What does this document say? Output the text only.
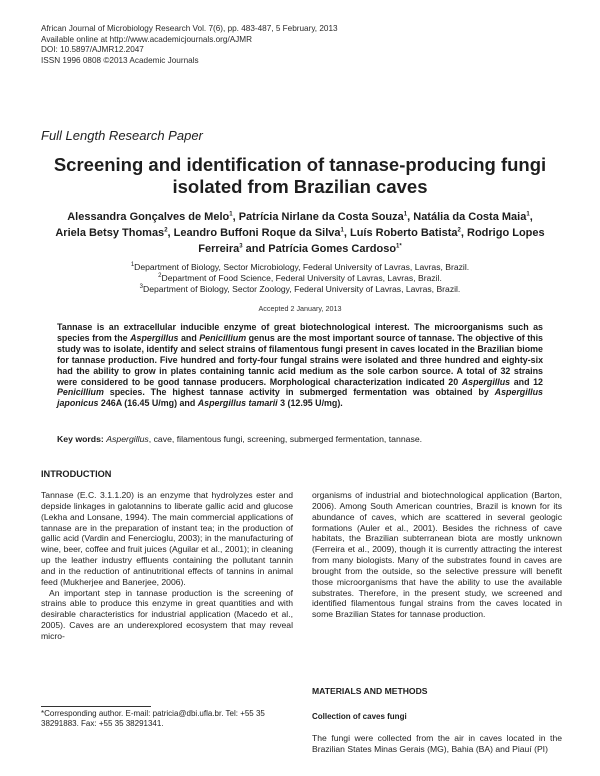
African Journal of Microbiology Research Vol. 7(6), pp. 483-487, 5 February, 2013
Available online at http://www.academicjournals.org/AJMR
DOI: 10.5897/AJMR12.2047
ISSN 1996 0808 ©2013 Academic Journals
Full Length Research Paper
Screening and identification of tannase-producing fungi
isolated from Brazilian caves
Alessandra Gonçalves de Melo$^1$, Patrícia Nirlane da Costa Souza$^1$, Natália da Costa Maia$^1$,
Ariela Betsy Thomas$^2$, Leandro Buffoni Roque da Silva$^1$, Luís Roberto Batista$^2$, Rodrigo Lopes Ferreira$^3$ and Patrícia Gomes Cardoso$^{1*}$
$^1$Department of Biology, Sector Microbiology, Federal University of Lavras, Lavras, Brazil.
$^2$Department of Food Science, Federal University of Lavras, Lavras, Brazil.
$^3$Department of Biology, Sector Zoology, Federal University of Lavras, Lavras, Brazil.
Accepted 2 January, 2013
Tannase is an extracellular inducible enzyme of great biotechnological interest. The microorganisms such as species from the Aspergillus and Penicillium genus are the most important source of tannase. The objective of this study was to isolate, identify and select strains of filamentous fungi present in caves located in the Brazilian biome for tannase production. Five hundred and forty-four fungal strains were isolated and three hundred and eighty-six had the ability to grow in plates containing tannic acid medium as the sole carbon source. A total of 32 strains were considered to be good tannase producers. Morphological characterization indicated 20 Aspergillus and 12 Penicillium species. The highest tannase activity in submerged fermentation was obtained by Aspergillus japonicus 246A (16.45 U/mg) and Aspergillus tamarii 3 (12.95 U/mg).
Key words: Aspergillus, cave, filamentous fungi, screening, submerged fermentation, tannase.
INTRODUCTION

Tannase (E.C. 3.1.1.20) is an enzyme that hydrolyzes ester and depside linkages in galotannins to liberate gallic acid and glucose (Lekha and Lonsane, 1994). The main commercial applications of tannase are in the preparation of instant tea; in the production of gallic acid (Vardin and Fenercioglu, 2003); in the manufacturing of wine, beer, coffee and fruit juices (Aguilar et al., 2001); in cleaning up the leather industry effluents containing the pollutant tannin and in the reduction of antinutritional effects of tannins in animal feed (Mukherjee and Banerjee, 2006).

An important step in tannase production is the screening of strains able to produce this enzyme in great quantities and with desirable characteristics for industrial application (Macedo et al., 2005). Caves are an underexplored ecosystem that may reveal micro-

*Corresponding author. E-mail: patricia@dbi.ufla.br. Tel: +55 35 38291883. Fax: +55 35 38291341.

organisms of industrial and biotechnological application (Barton, 2006). Among South American countries, Brazil is known for its abundance of caves, which are scattered in several geologic formations (Auler et al., 2001). Besides the richness of cave habitats, the Brazilian subterranean biota are mostly unknown (Ferreira et al., 2009), though it is currently attracting the interest from many biologists. Many of the substrates found in caves are brought from the outside, so the selective pressure will benefit those microorganisms that have the ability to use the available substrates. Therefore, in the present study, we screened and identified filamentous fungal strains from the caves located in some Brazilian States for tannase production.

MATERIALS AND METHODS
Collection of caves fungi
The fungi were collected from the air in caves located in the Brazilian States Minas Gerais (MG), Bahia (BA) and Piauí (PI)
